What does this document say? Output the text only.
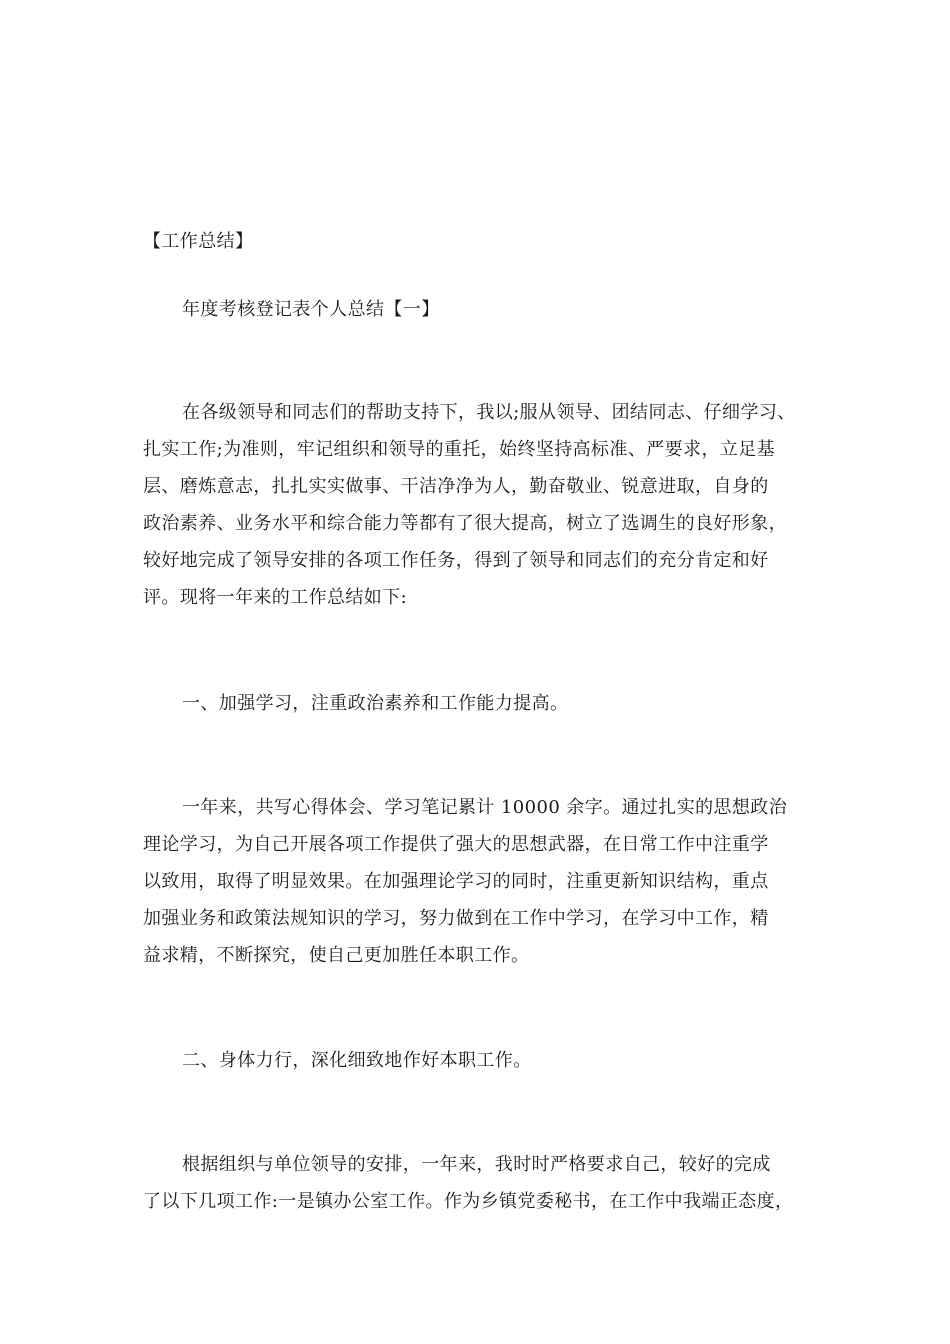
【工作总结】
年度考核登记表个人总结【一】
在各级领导和同志们的帮助支持下，我以;服从领导、团结同志、仔细学习、
扎实工作;为准则，牢记组织和领导的重托，始终坚持高标准、严要求，立足基
层、磨炼意志，扎扎实实做事、干洁净净为人，勤奋敬业、锐意进取，自身的
政治素养、业务水平和综合能力等都有了很大提高，树立了选调生的良好形象，
较好地完成了领导安排的各项工作任务，得到了领导和同志们的充分肯定和好
评。现将一年来的工作总结如下:
一、加强学习，注重政治素养和工作能力提高。
一年来，共写心得体会、学习笔记累计 10000 余字。通过扎实的思想政治
理论学习，为自己开展各项工作提供了强大的思想武器，在日常工作中注重学
以致用，取得了明显效果。在加强理论学习的同时，注重更新知识结构，重点
加强业务和政策法规知识的学习，努力做到在工作中学习，在学习中工作，精
益求精，不断探究，使自己更加胜任本职工作。
二、身体力行，深化细致地作好本职工作。
根据组织与单位领导的安排，一年来，我时时严格要求自己，较好的完成
了以下几项工作:一是镇办公室工作。作为乡镇党委秘书，在工作中我端正态度，
